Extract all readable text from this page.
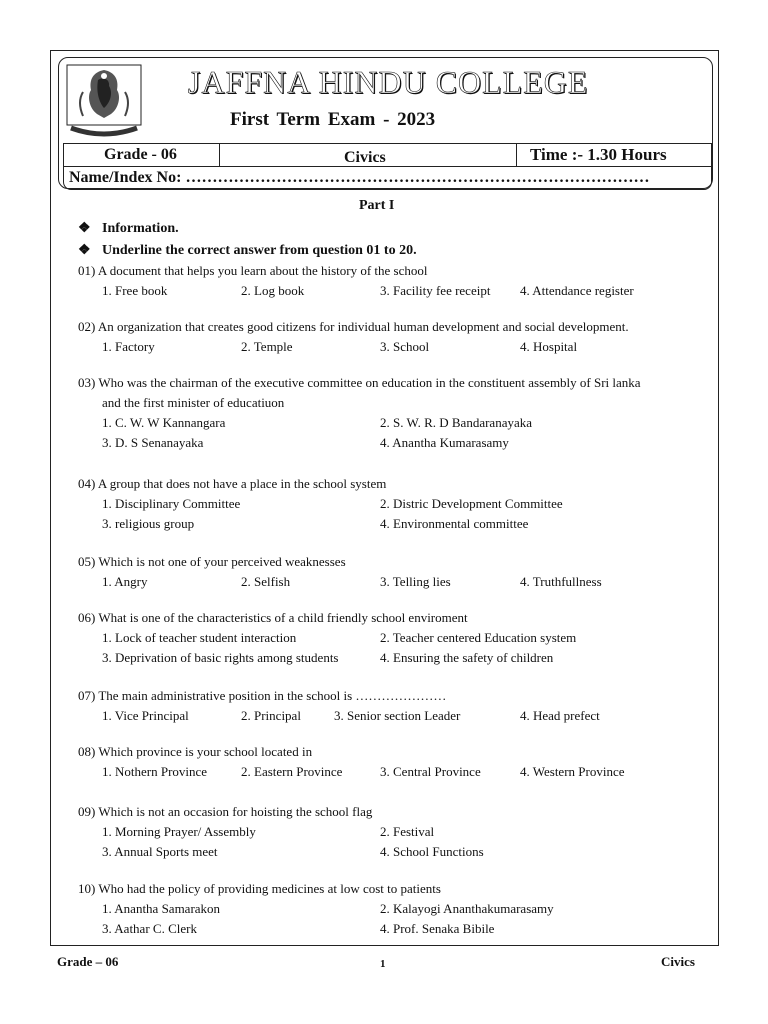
JAFFNA HINDU COLLEGE
First Term Exam - 2023
Grade - 06	Civics	Time :- 1.30 Hours
Name/Index No: ……………………………………………………………………………
Part I
❖ Information.
❖ Underline the correct answer from question 01 to 20.
01) A document that helps you learn about the history of the school
1. Free book	2. Log book	3. Facility fee receipt 4. Attendance register
02) An organization that creates good citizens for individual human development and social development.
1. Factory	2. Temple	3. School	4. Hospital
03) Who was the chairman of the executive committee on education in the constituent assembly of Sri lanka
and the first minister of educatiuon
1. C. W. W Kannangara	2. S. W. R. D Bandaranayaka
3. D. S Senanayaka	4. Anantha Kumarasamy
04) A group that does not have a place in the school system
1. Disciplinary Committee	2. Distric Development Committee
3. religious group	4. Environmental committee
05) Which is not one of your perceived weaknesses
1. Angry	2. Selfish	3. Telling lies	4. Truthfullness
06) What is one of the characteristics of a child friendly school enviroment
1. Lock of teacher student interaction	2. Teacher centered Education system
3. Deprivation of basic rights among students	4. Ensuring the safety of children
07) The main administrative position in the school is …………………
1. Vice Principal	2. Principal	3. Senior section Leader	4. Head prefect
08) Which province is your school located in
1. Nothern Province	2. Eastern Province	3. Central Province	4. Western Province
09) Which is not an occasion for hoisting the school flag
1. Morning Prayer/ Assembly	2. Festival
3. Annual Sports meet	4. School Functions
10) Who had the policy of providing medicines at low cost to patients
1. Anantha Samarakon	2. Kalayogi Ananthakumarasamy
3. Aathar C. Clerk	4. Prof. Senaka Bibile
Grade – 06	1	Civics
